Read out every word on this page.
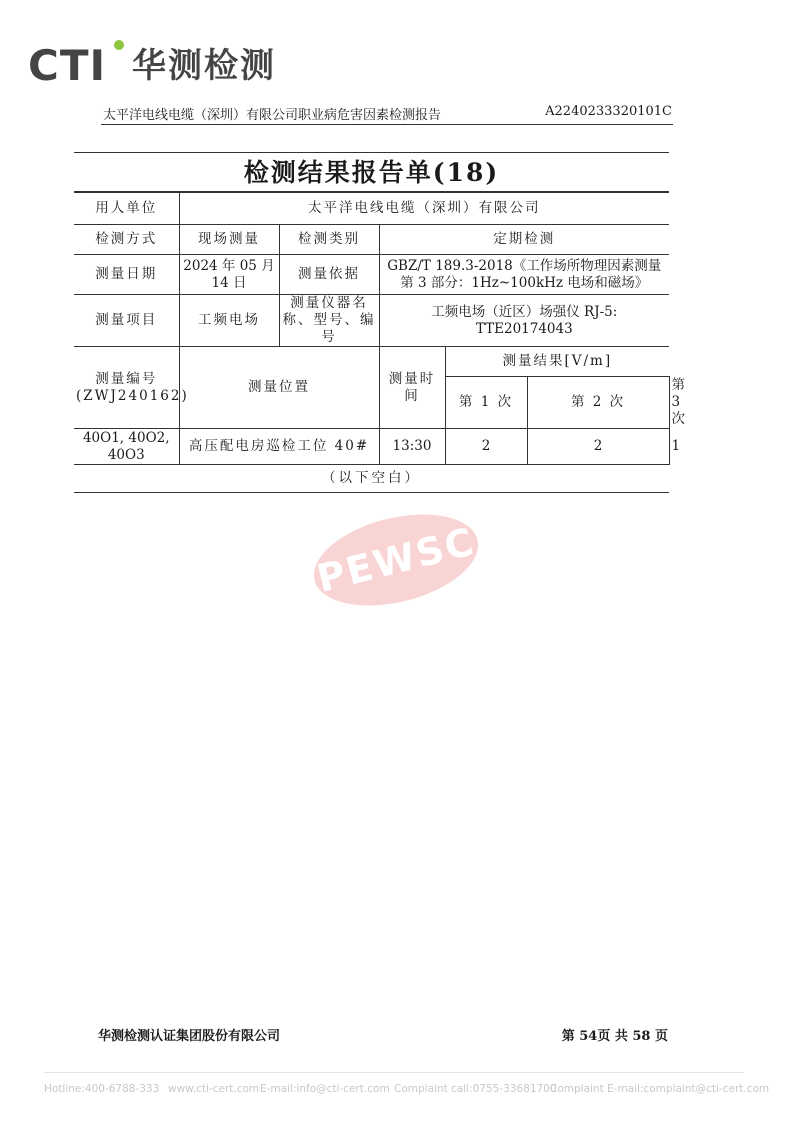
CTI 华测检测
太平洋电线电缆（深圳）有限公司职业病危害因素检测报告	A2240233320101C
检测结果报告单(18)
用人单位	太平洋电线电缆（深圳）有限公司					
检测方式	现场测量	检测类别	定期检测			
测量日期	2024 年 05 月 14 日	测量依据	GBZ/T 189.3-2018《工作场所物理因素测量 第 3 部分：1Hz~100kHz 电场和磁场》			
测量项目	工频电场	测量仪器名称、型号、编号	工频电场（近区）场强仪 RJ-5: TTE20174043			
测量编号 (ZWJ240162)	测量位置		测量时间	测量结果[V/m]		
				第 1 次	第 2 次	第 3 次
40O1, 40O2, 40O3	高压配电房巡检工位 40#		13:30	2	2	1
（以下空白）						
PEWSC
华测检测认证集团股份有限公司	第 54页 共 58 页
Hotline:400-6788-333 www.cti-cert.com E-mail:info@cti-cert.com Complaint call:0755-33681700
Complaint E-mail:complaint@cti-cert.com
